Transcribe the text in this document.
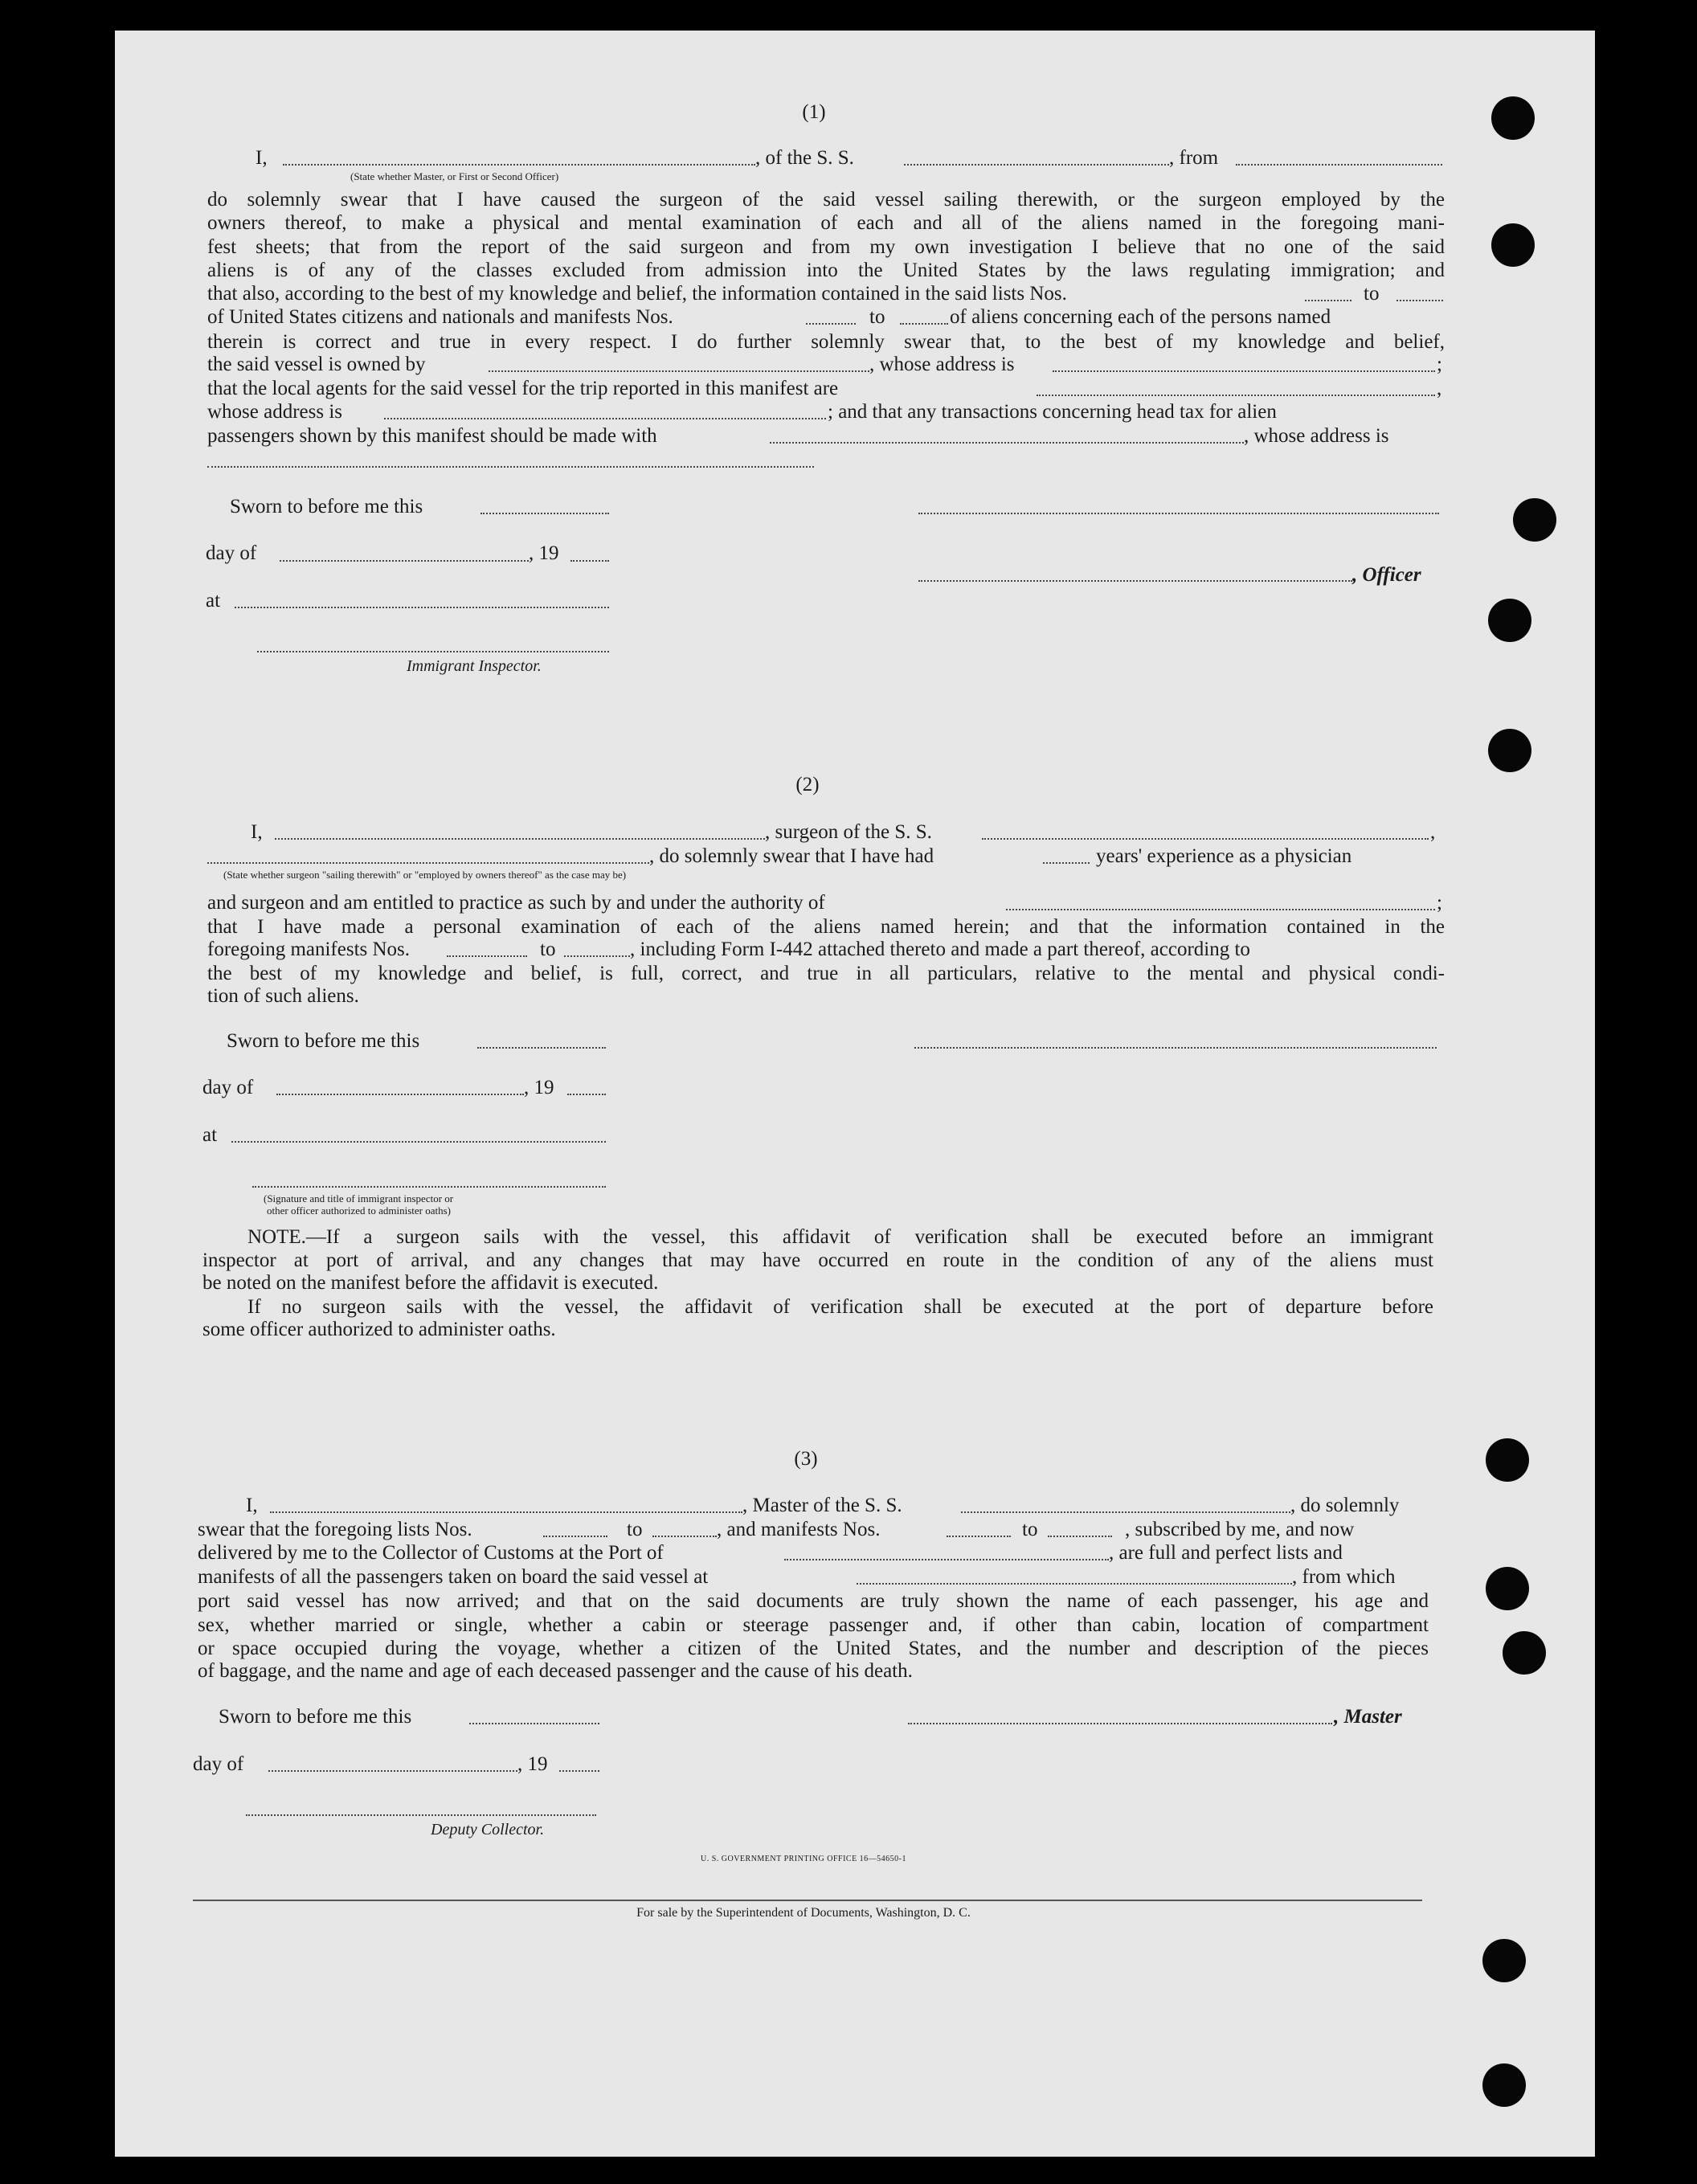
(1)
I,	, of the S. S.	, from
(State whether Master, or First or Second Officer)
do solemnly swear that I have caused the surgeon of the said vessel sailing therewith, or the surgeon employed by the
owners thereof, to make a physical and mental examination of each and all of the aliens named in the foregoing mani-
fest sheets; that from the report of the said surgeon and from my own investigation I believe that no one of the said
aliens is of any of the classes excluded from admission into the United States by the laws regulating immigration; and
that also, according to the best of my knowledge and belief, the information contained in the said lists Nos.	to
of United States citizens and nationals and manifests Nos.	to	of aliens concerning each of the persons named
therein is correct and true in every respect. I do further solemnly swear that, to the best of my knowledge and belief,
the said vessel is owned by	, whose address is	;
that the local agents for the said vessel for the trip reported in this manifest are	,
whose address is	; and that any transactions concerning head tax for alien
passengers shown by this manifest should be made with	, whose address is
Sworn to before me this
day of	, 19
, Officer
at
Immigrant Inspector.
(2)
I,	, surgeon of the S. S.	,
, do solemnly swear that I have had	years' experience as a physician
(State whether surgeon "sailing therewith" or "employed by owners thereof" as the case may be)
and surgeon and am entitled to practice as such by and under the authority of	;
that I have made a personal examination of each of the aliens named herein; and that the information contained in the
foregoing manifests Nos.	to	, including Form I-442 attached thereto and made a part thereof, according to
the best of my knowledge and belief, is full, correct, and true in all particulars, relative to the mental and physical condi-
tion of such aliens.
Sworn to before me this
day of	, 19
at
(Signature and title of immigrant inspector or
other officer authorized to administer oaths)
NOTE.—If a surgeon sails with the vessel, this affidavit of verification shall be executed before an immigrant
inspector at port of arrival, and any changes that may have occurred en route in the condition of any of the aliens must
be noted on the manifest before the affidavit is executed.
If no surgeon sails with the vessel, the affidavit of verification shall be executed at the port of departure before
some officer authorized to administer oaths.
(3)
I,	, Master of the S. S.	, do solemnly
swear that the foregoing lists Nos.	to	, and manifests Nos.	to	, subscribed by me, and now
delivered by me to the Collector of Customs at the Port of	, are full and perfect lists and
manifests of all the passengers taken on board the said vessel at	, from which
port said vessel has now arrived; and that on the said documents are truly shown the name of each passenger, his age and
sex, whether married or single, whether a cabin or steerage passenger and, if other than cabin, location of compartment
or space occupied during the voyage, whether a citizen of the United States, and the number and description of the pieces
of baggage, and the name and age of each deceased passenger and the cause of his death.
Sworn to before me this	, Master
day of	, 19
Deputy Collector.
U. S. GOVERNMENT PRINTING OFFICE 16—54650-1
For sale by the Superintendent of Documents, Washington, D. C.
